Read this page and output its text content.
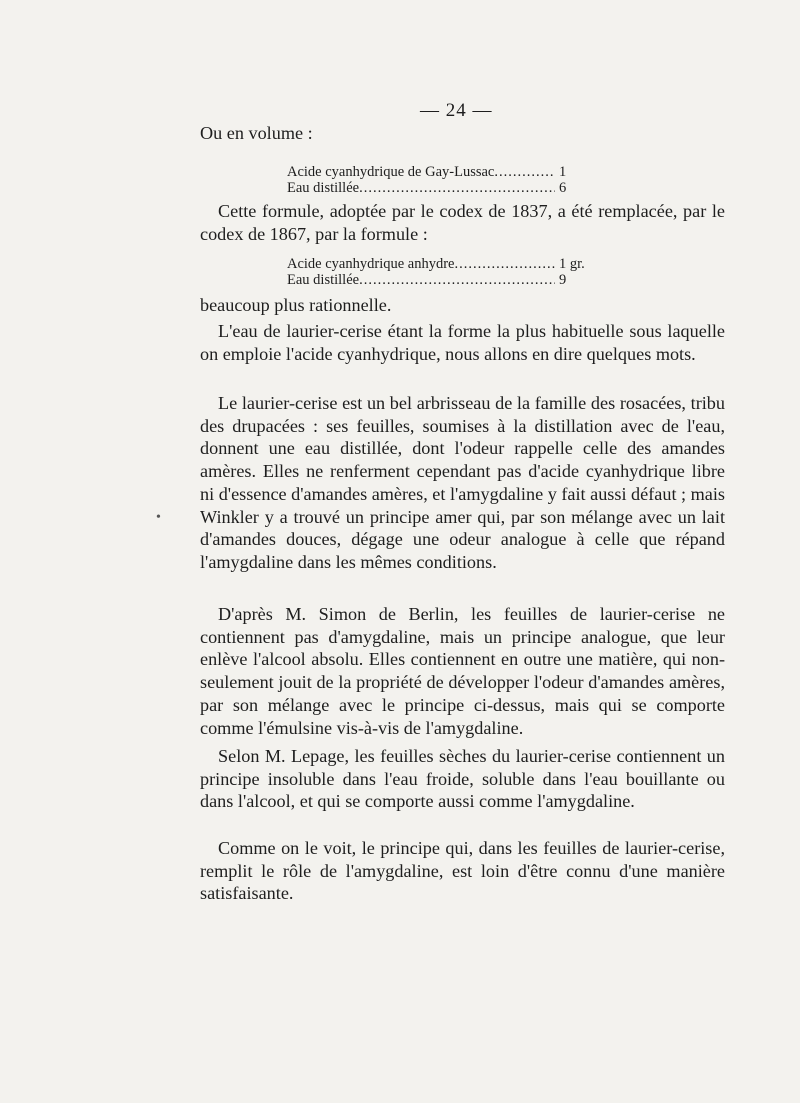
— 24 —

Ou en volume :

Acide cyanhydrique de Gay-Lussac .....	1
Eau distillée .....	6

Cette formule, adoptée par le codex de 1837, a été remplacée, par le codex de 1867, par la formule :

Acide cyanhydrique anhydre .....	1 gr.
Eau distillée .....	9

beaucoup plus rationnelle.

L'eau de laurier-cerise étant la forme la plus habituelle sous laquelle on emploie l'acide cyanhydrique, nous allons en dire quelques mots.

Le laurier-cerise est un bel arbrisseau de la famille des rosacées, tribu des drupacées : ses feuilles, soumises à la distillation avec de l'eau, donnent une eau distillée, dont l'odeur rappelle celle des amandes amères. Elles ne renferment cependant pas d'acide cyanhydrique libre ni d'essence d'amandes amères, et l'amygdaline y fait aussi défaut ; mais Winkler y a trouvé un principe amer qui, par son mélange avec un lait d'amandes douces, dégage une odeur analogue à celle que répand l'amygdaline dans les mêmes conditions.

D'après M. Simon de Berlin, les feuilles de laurier-cerise ne contiennent pas d'amygdaline, mais un principe analogue, que leur enlève l'alcool absolu. Elles contiennent en outre une matière, qui non-seulement jouit de la propriété de développer l'odeur d'amandes amères, par son mélange avec le principe ci-dessus, mais qui se comporte comme l'émulsine vis-à-vis de l'amygdaline.

Selon M. Lepage, les feuilles sèches du laurier-cerise contiennent un principe insoluble dans l'eau froide, soluble dans l'eau bouillante ou dans l'alcool, et qui se comporte aussi comme l'amygdaline.

Comme on le voit, le principe qui, dans les feuilles de laurier-cerise, remplit le rôle de l'amygdaline, est loin d'être connu d'une manière satisfaisante.

•
